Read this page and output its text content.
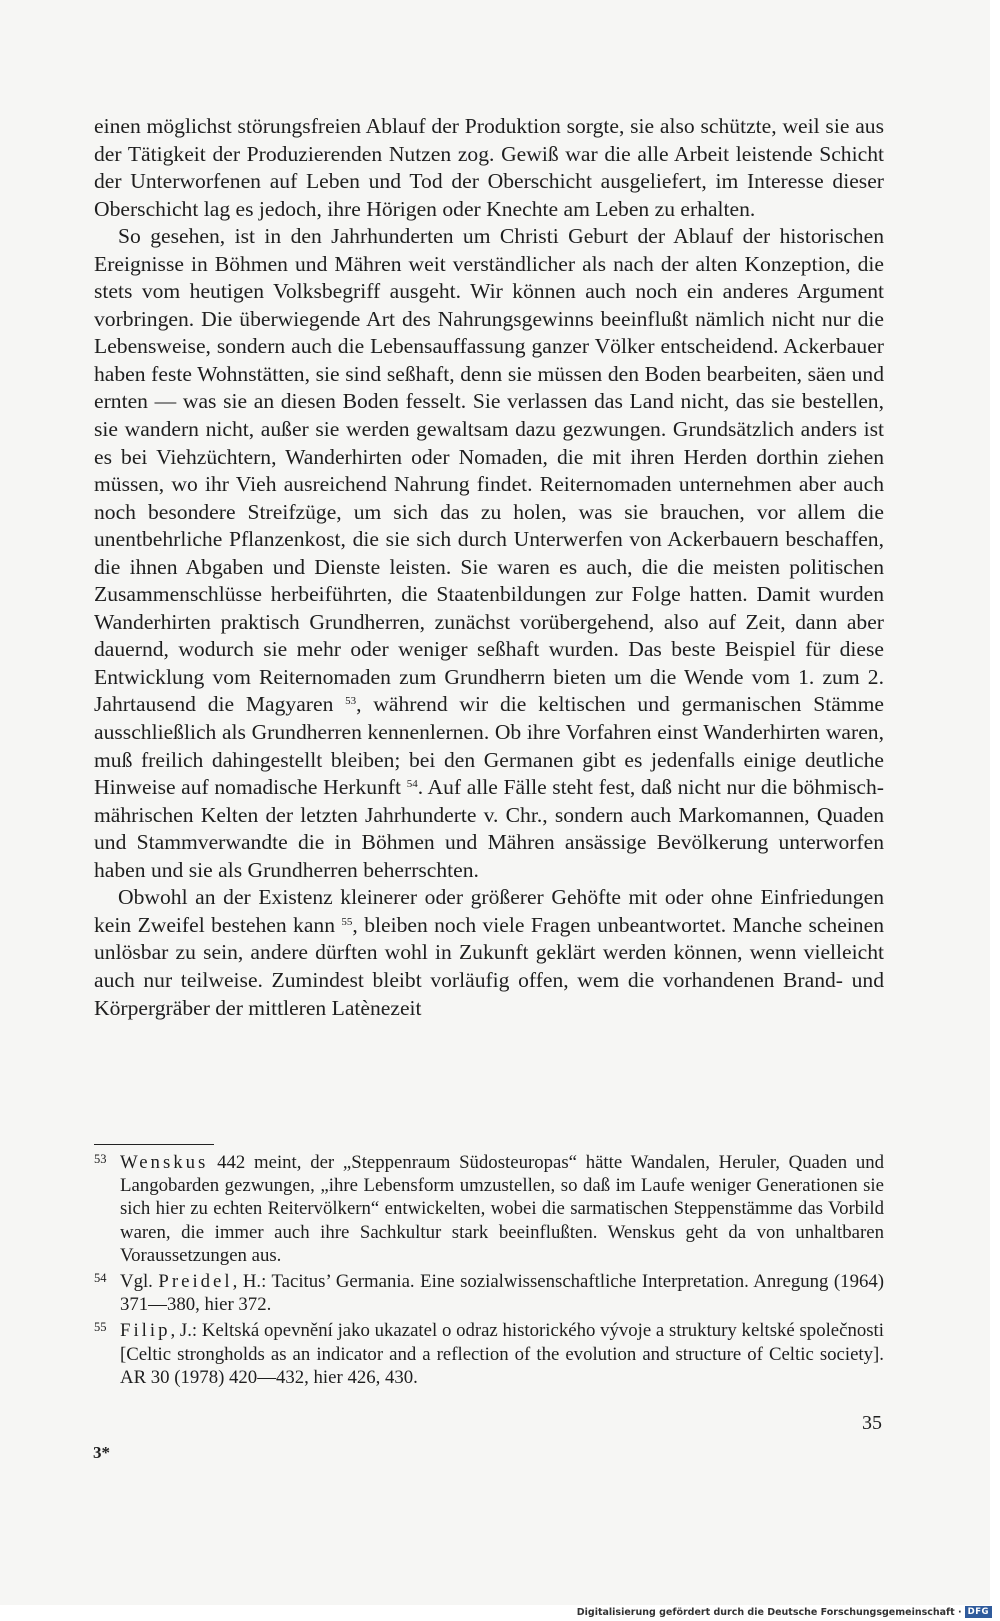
einen möglichst störungsfreien Ablauf der Produktion sorgte, sie also schützte, weil sie aus der Tätigkeit der Produzierenden Nutzen zog. Gewiß war die alle Arbeit leistende Schicht der Unterworfenen auf Leben und Tod der Oberschicht ausgeliefert, im Interesse dieser Oberschicht lag es jedoch, ihre Hörigen oder Knechte am Leben zu erhalten.

So gesehen, ist in den Jahrhunderten um Christi Geburt der Ablauf der historischen Ereignisse in Böhmen und Mähren weit verständlicher als nach der alten Konzeption, die stets vom heutigen Volksbegriff ausgeht. Wir können auch noch ein anderes Argument vorbringen. Die überwiegende Art des Nahrungsgewinns beeinflußt nämlich nicht nur die Lebensweise, sondern auch die Lebensauffassung ganzer Völker entscheidend. Ackerbauer haben feste Wohnstätten, sie sind seßhaft, denn sie müssen den Boden bearbeiten, säen und ernten — was sie an diesen Boden fesselt. Sie verlassen das Land nicht, das sie bestellen, sie wandern nicht, außer sie werden gewaltsam dazu gezwungen. Grundsätzlich anders ist es bei Viehzüchtern, Wanderhirten oder Nomaden, die mit ihren Herden dorthin ziehen müssen, wo ihr Vieh ausreichend Nahrung findet. Reiternomaden unternehmen aber auch noch besondere Streifzüge, um sich das zu holen, was sie brauchen, vor allem die unentbehrliche Pflanzenkost, die sie sich durch Unterwerfen von Ackerbauern beschaffen, die ihnen Abgaben und Dienste leisten. Sie waren es auch, die die meisten politischen Zusammenschlüsse herbeiführten, die Staatenbildungen zur Folge hatten. Damit wurden Wanderhirten praktisch Grundherren, zunächst vorübergehend, also auf Zeit, dann aber dauernd, wodurch sie mehr oder weniger seßhaft wurden. Das beste Beispiel für diese Entwicklung vom Reiternomaden zum Grundherrn bieten um die Wende vom 1. zum 2. Jahrtausend die Magyaren $^{53}$, während wir die keltischen und germanischen Stämme ausschließlich als Grundherren kennenlernen. Ob ihre Vorfahren einst Wanderhirten waren, muß freilich dahingestellt bleiben; bei den Germanen gibt es jedenfalls einige deutliche Hinweise auf nomadische Herkunft $^{54}$. Auf alle Fälle steht fest, daß nicht nur die böhmisch-mährischen Kelten der letzten Jahrhunderte v. Chr., sondern auch Markomannen, Quaden und Stammverwandte die in Böhmen und Mähren ansässige Bevölkerung unterworfen haben und sie als Grundherren beherrschten.

Obwohl an der Existenz kleinerer oder größerer Gehöfte mit oder ohne Einfriedungen kein Zweifel bestehen kann $^{55}$, bleiben noch viele Fragen unbeantwortet. Manche scheinen unlösbar zu sein, andere dürften wohl in Zukunft geklärt werden können, wenn vielleicht auch nur teilweise. Zumindest bleibt vorläufig offen, wem die vorhandenen Brand- und Körpergräber der mittleren Latènezeit

53 Wenskus 442 meint, der „Steppenraum Südosteuropas“ hätte Wandalen, Heruler, Quaden und Langobarden gezwungen, „ihre Lebensform umzustellen, so daß im Laufe weniger Generationen sie sich hier zu echten Reitervölkern“ entwickelten, wobei die sarmatischen Steppenstämme das Vorbild waren, die immer auch ihre Sachkultur stark beeinflußten. Wenskus geht da von unhaltbaren Voraussetzungen aus.
54 Vgl. Preidel, H.: Tacitus’ Germania. Eine sozialwissenschaftliche Interpretation. Anregung (1964) 371—380, hier 372.
55 Filip, J.: Keltská opevnění jako ukazatel o odraz historického vývoje a struktury keltské společnosti [Celtic strongholds as an indicator and a reflection of the evolution and structure of Celtic society]. AR 30 (1978) 420—432, hier 426, 430.
35
3*
Digitalisierung gefördert durch die Deutsche Forschungsgemeinschaft · DFG
